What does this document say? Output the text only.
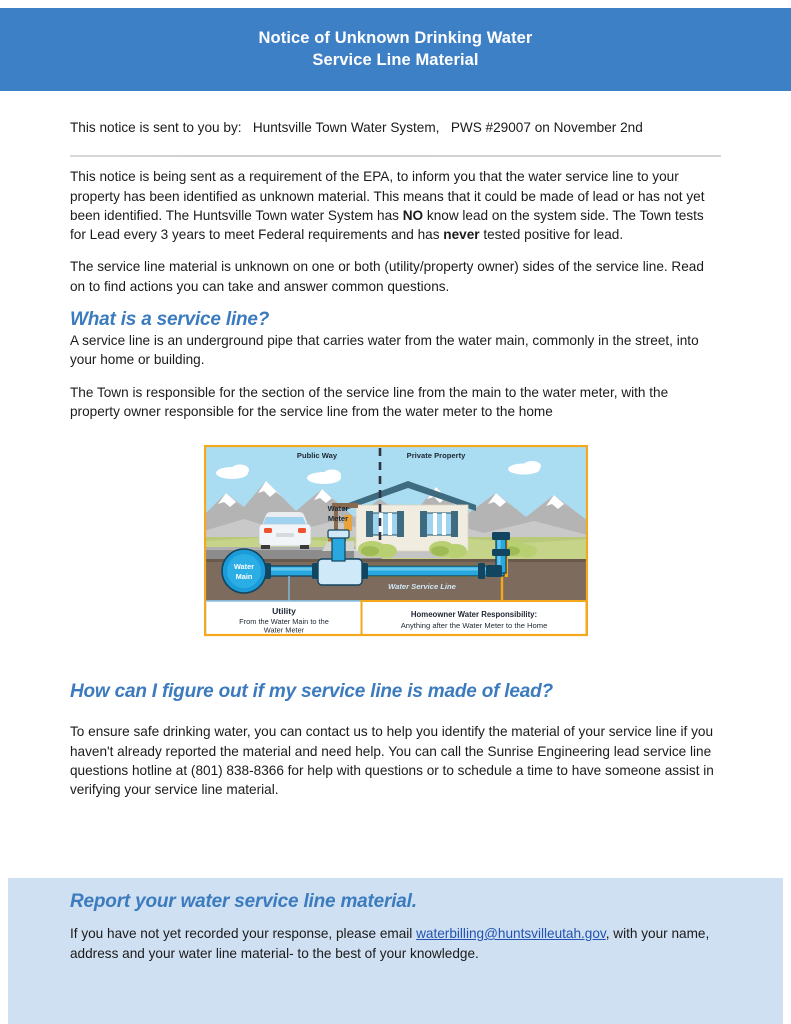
Notice of Unknown Drinking Water
Service Line Material
This notice is sent to you by: Huntsville Town Water System, PWS #29007 on November 2nd
This notice is being sent as a requirement of the EPA, to inform you that the water service line to your property has been identified as unknown material. This means that it could be made of lead or has not yet been identified. The Huntsville Town water System has NO know lead on the system side. The Town tests for Lead every 3 years to meet Federal requirements and has never tested positive for lead.
The service line material is unknown on one or both (utility/property owner) sides of the service line. Read on to find actions you can take and answer common questions.
What is a service line?
A service line is an underground pipe that carries water from the water main, commonly in the street, into your home or building.
The Town is responsible for the section of the service line from the main to the water meter, with the property owner responsible for the service line from the water meter to the home
Public Way	Private Property
Water
Meter
Water
Main
Water Service Line
Utility
From the Water Main to the
Water Meter
Homeowner Water Responsibility:
Anything after the Water Meter to the Home
How can I figure out if my service line is made of lead?
To ensure safe drinking water, you can contact us to help you identify the material of your service line if you haven't already reported the material and need help. You can call the Sunrise Engineering lead service line questions hotline at (801) 838-8366 for help with questions or to schedule a time to have someone assist in verifying your service line material.
Report your water service line material.
If you have not yet recorded your response, please email waterbilling@huntsvilleutah.gov, with your name, address and your water line material- to the best of your knowledge.
